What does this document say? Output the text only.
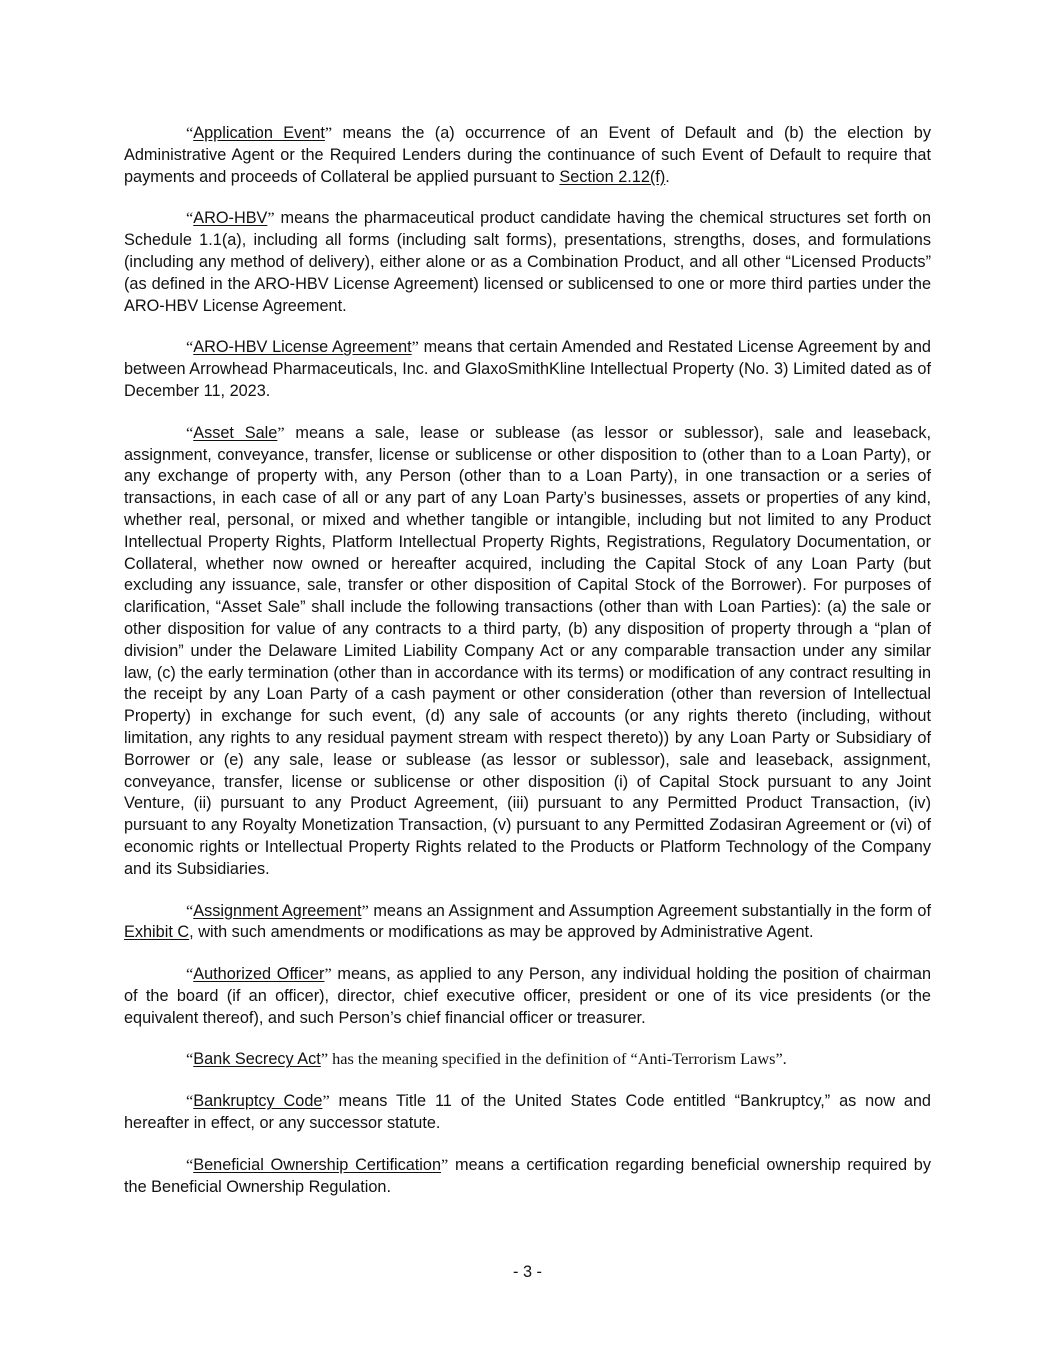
“Application Event” means the (a) occurrence of an Event of Default and (b) the election by Administrative Agent or the Required Lenders during the continuance of such Event of Default to require that payments and proceeds of Collateral be applied pursuant to Section 2.12(f).

“ARO-HBV” means the pharmaceutical product candidate having the chemical structures set forth on Schedule 1.1(a), including all forms (including salt forms), presentations, strengths, doses, and formulations (including any method of delivery), either alone or as a Combination Product, and all other “Licensed Products” (as defined in the ARO-HBV License Agreement) licensed or sublicensed to one or more third parties under the ARO-HBV License Agreement.

“ARO-HBV License Agreement” means that certain Amended and Restated License Agreement by and between Arrowhead Pharmaceuticals, Inc. and GlaxoSmithKline Intellectual Property (No. 3) Limited dated as of December 11, 2023.

“Asset Sale” means a sale, lease or sublease (as lessor or sublessor), sale and leaseback, assignment, conveyance, transfer, license or sublicense or other disposition to (other than to a Loan Party), or any exchange of property with, any Person (other than to a Loan Party), in one transaction or a series of transactions, in each case of all or any part of any Loan Party’s businesses, assets or properties of any kind, whether real, personal, or mixed and whether tangible or intangible, including but not limited to any Product Intellectual Property Rights, Platform Intellectual Property Rights, Registrations, Regulatory Documentation, or Collateral, whether now owned or hereafter acquired, including the Capital Stock of any Loan Party (but excluding any issuance, sale, transfer or other disposition of Capital Stock of the Borrower). For purposes of clarification, “Asset Sale” shall include the following transactions (other than with Loan Parties): (a) the sale or other disposition for value of any contracts to a third party, (b) any disposition of property through a “plan of division” under the Delaware Limited Liability Company Act or any comparable transaction under any similar law, (c) the early termination (other than in accordance with its terms) or modification of any contract resulting in the receipt by any Loan Party of a cash payment or other consideration (other than reversion of Intellectual Property) in exchange for such event, (d) any sale of accounts (or any rights thereto (including, without limitation, any rights to any residual payment stream with respect thereto)) by any Loan Party or Subsidiary of Borrower or (e) any sale, lease or sublease (as lessor or sublessor), sale and leaseback, assignment, conveyance, transfer, license or sublicense or other disposition (i) of Capital Stock pursuant to any Joint Venture, (ii) pursuant to any Product Agreement, (iii) pursuant to any Permitted Product Transaction, (iv) pursuant to any Royalty Monetization Transaction, (v) pursuant to any Permitted Zodasiran Agreement or (vi) of economic rights or Intellectual Property Rights related to the Products or Platform Technology of the Company and its Subsidiaries.

“Assignment Agreement” means an Assignment and Assumption Agreement substantially in the form of Exhibit C, with such amendments or modifications as may be approved by Administrative Agent.

“Authorized Officer” means, as applied to any Person, any individual holding the position of chairman of the board (if an officer), director, chief executive officer, president or one of its vice presidents (or the equivalent thereof), and such Person’s chief financial officer or treasurer.

“Bank Secrecy Act” has the meaning specified in the definition of “Anti-Terrorism Laws”.

“Bankruptcy Code” means Title 11 of the United States Code entitled “Bankruptcy,” as now and hereafter in effect, or any successor statute.

“Beneficial Ownership Certification” means a certification regarding beneficial ownership required by the Beneficial Ownership Regulation.

- 3 -
